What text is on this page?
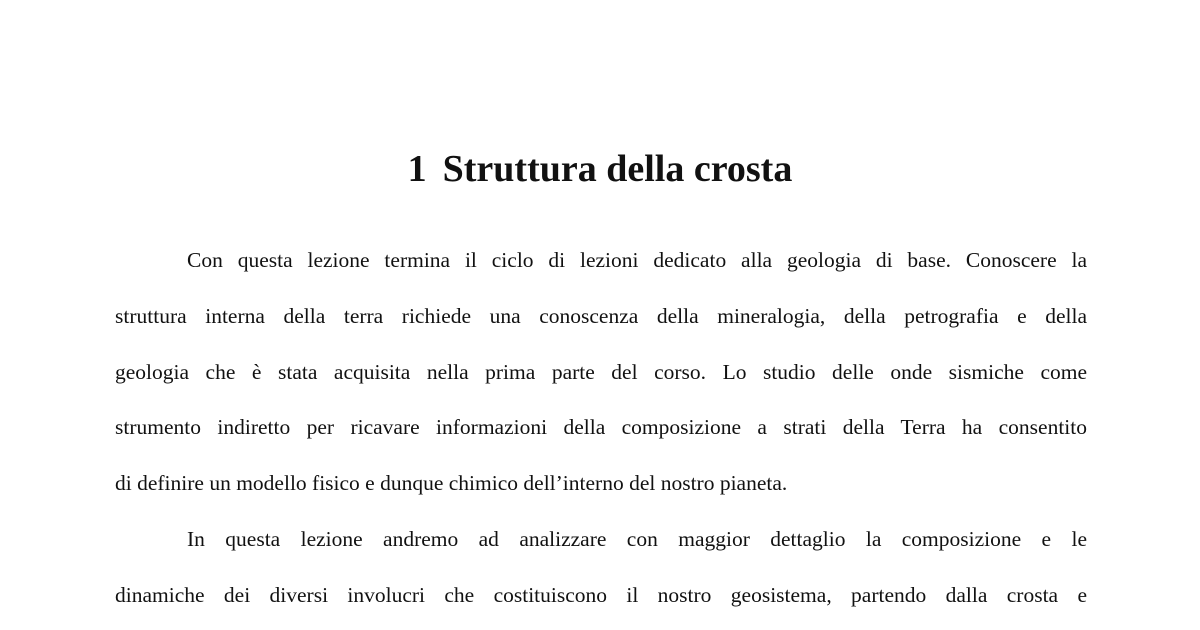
1 Struttura della crosta

Con questa lezione termina il ciclo di lezioni dedicato alla geologia di base. Conoscere la

struttura interna della terra richiede una conoscenza della mineralogia, della petrografia e della

geologia che è stata acquisita nella prima parte del corso. Lo studio delle onde sismiche come

strumento indiretto per ricavare informazioni della composizione a strati della Terra ha consentito

di definire un modello fisico e dunque chimico dell’interno del nostro pianeta.

In questa lezione andremo ad analizzare con maggior dettaglio la composizione e le

dinamiche dei diversi involucri che costituiscono il nostro geosistema, partendo dalla crosta e
